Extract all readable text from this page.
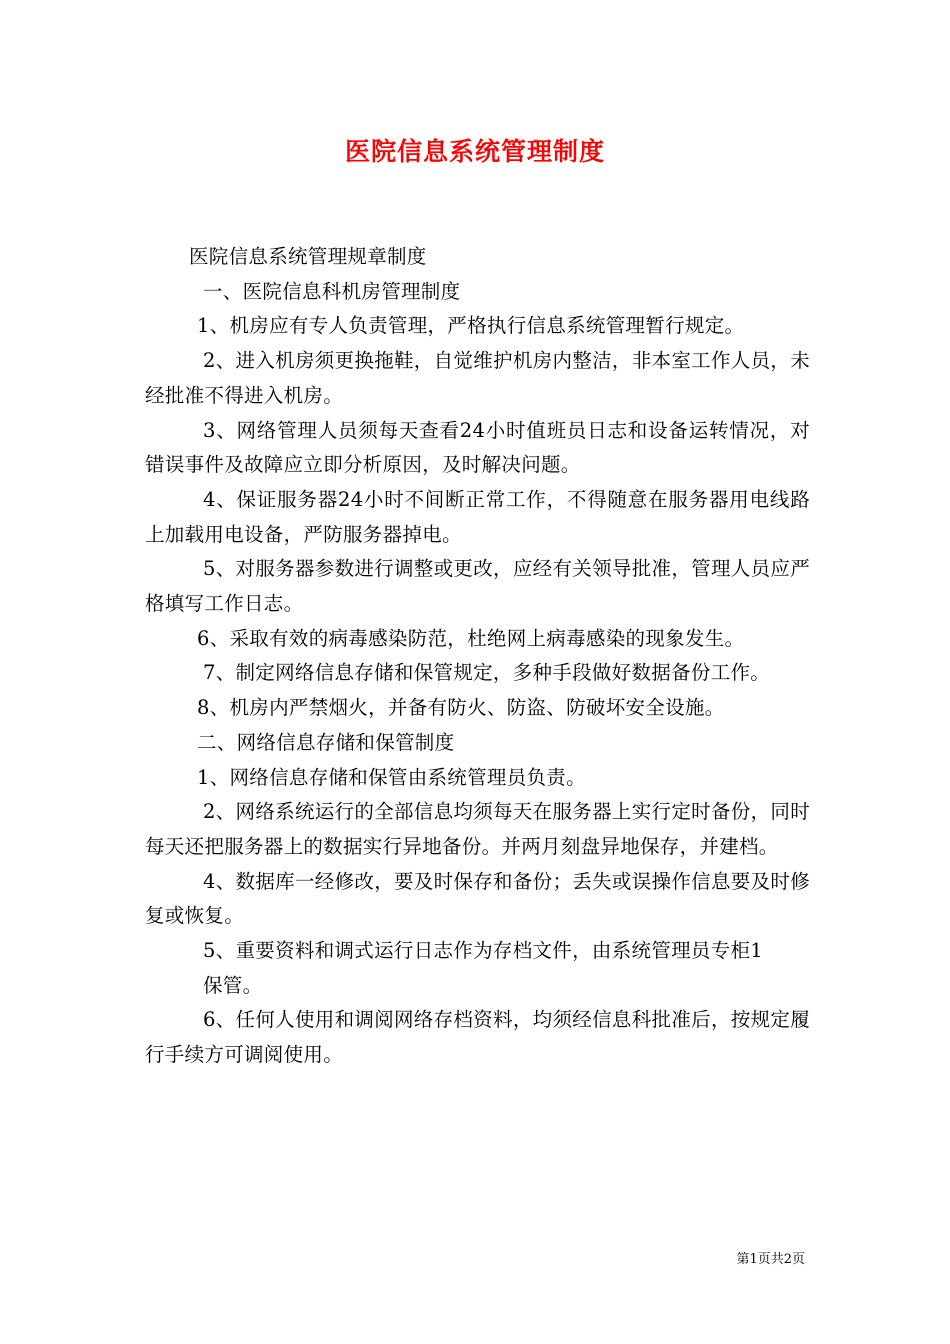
医院信息系统管理制度

医院信息系统管理规章制度

一、医院信息科机房管理制度

1、机房应有专人负责管理，严格执行信息系统管理暂行规定。

2、进入机房须更换拖鞋，自觉维护机房内整洁，非本室工作人员，未经批准不得进入机房。

3、网络管理人员须每天查看24小时值班员日志和设备运转情况，对错误事件及故障应立即分析原因，及时解决问题。

4、保证服务器24小时不间断正常工作，不得随意在服务器用电线路上加载用电设备，严防服务器掉电。

5、对服务器参数进行调整或更改，应经有关领导批准，管理人员应严格填写工作日志。

6、采取有效的病毒感染防范，杜绝网上病毒感染的现象发生。

7、制定网络信息存储和保管规定，多种手段做好数据备份工作。

8、机房内严禁烟火，并备有防火、防盗、防破坏安全设施。

二、网络信息存储和保管制度

1、网络信息存储和保管由系统管理员负责。

2、网络系统运行的全部信息均须每天在服务器上实行定时备份，同时每天还把服务器上的数据实行异地备份。并两月刻盘异地保存，并建档。

4、数据库一经修改，要及时保存和备份；丢失或误操作信息要及时修复或恢复。

5、重要资料和调式运行日志作为存档文件，由系统管理员专柜1

保管。

6、任何人使用和调阅网络存档资料，均须经信息科批准后，按规定履行手续方可调阅使用。

第1页共2页
